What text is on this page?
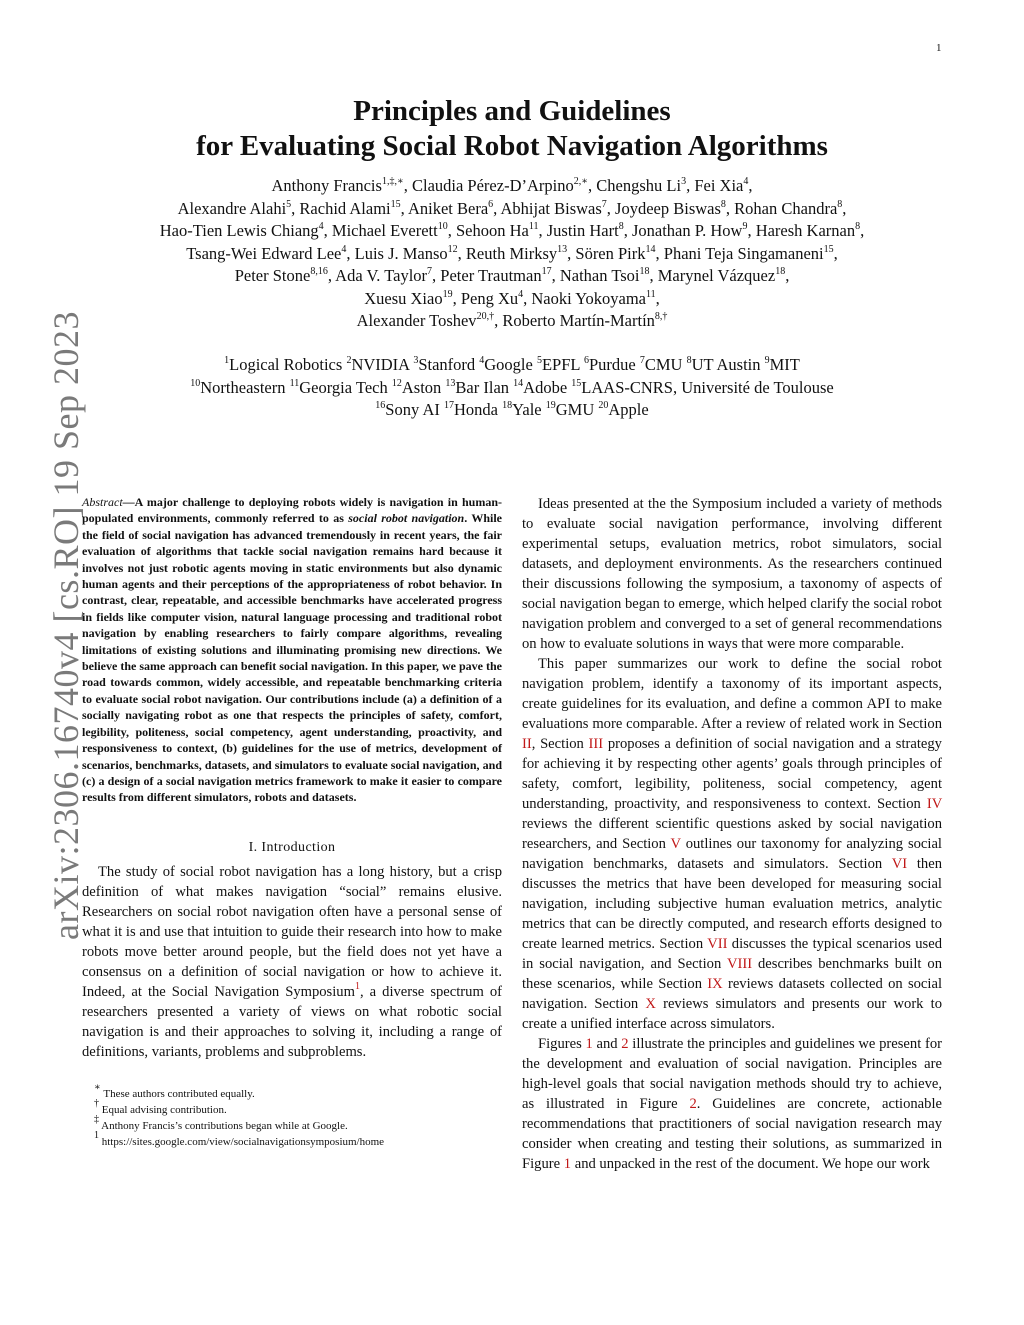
1
arXiv:2306.16740v4 [cs.RO] 19 Sep 2023
Principles and Guidelines
for Evaluating Social Robot Navigation Algorithms
Anthony Francis$^{1,\ddagger,∗}$, Claudia Pérez-D’Arpino$^{2,∗}$, Chengshu Li$^3$, Fei Xia$^4$,
Alexandre Alahi$^5$, Rachid Alami$^{15}$, Aniket Bera$^6$, Abhijat Biswas$^7$, Joydeep Biswas$^8$, Rohan Chandra$^8$,
Hao-Tien Lewis Chiang$^4$, Michael Everett$^{10}$, Sehoon Ha$^{11}$, Justin Hart$^8$, Jonathan P. How$^9$, Haresh Karnan$^8$,
Tsang-Wei Edward Lee$^4$, Luis J. Manso$^{12}$, Reuth Mirksy$^{13}$, Sören Pirk$^{14}$, Phani Teja Singamaneni$^{15}$,
Peter Stone$^{8,16}$, Ada V. Taylor$^7$, Peter Trautman$^{17}$, Nathan Tsoi$^{18}$, Marynel Vázquez$^{18}$,
Xuesu Xiao$^{19}$, Peng Xu$^4$, Naoki Yokoyama$^{11}$,
Alexander Toshev$^{20,\dagger}$, Roberto Martín-Martín$^{8,\dagger}$
$^1$Logical Robotics $^2$NVIDIA $^3$Stanford $^4$Google $^5$EPFL $^6$Purdue $^7$CMU $^8$UT Austin $^9$MIT
$^{10}$Northeastern $^{11}$Georgia Tech $^{12}$Aston $^{13}$Bar Ilan $^{14}$Adobe $^{15}$LAAS-CNRS, Université de Toulouse
$^{16}$Sony AI $^{17}$Honda $^{18}$Yale $^{19}$GMU $^{20}$Apple

Abstract—A major challenge to deploying robots widely is navigation in human-populated environments, commonly referred to as social robot navigation. While the field of social navigation has advanced tremendously in recent years, the fair evaluation of algorithms that tackle social navigation remains hard because it involves not just robotic agents moving in static environments but also dynamic human agents and their perceptions of the appropriateness of robot behavior. In contrast, clear, repeatable, and accessible benchmarks have accelerated progress in fields like computer vision, natural language processing and traditional robot navigation by enabling researchers to fairly compare algorithms, revealing limitations of existing solutions and illuminating promising new directions. We believe the same approach can benefit social navigation. In this paper, we pave the road towards common, widely accessible, and repeatable benchmarking criteria to evaluate social robot navigation. Our contributions include (a) a definition of a socially navigating robot as one that respects the principles of safety, comfort, legibility, politeness, social competency, agent understanding, proactivity, and responsiveness to context, (b) guidelines for the use of metrics, development of scenarios, benchmarks, datasets, and simulators to evaluate social navigation, and (c) a design of a social navigation metrics framework to make it easier to compare results from different simulators, robots and datasets.

I. Introduction

The study of social robot navigation has a long history, but a crisp definition of what makes navigation “social” remains elusive. Researchers on social robot navigation often have a personal sense of what it is and use that intuition to guide their research into how to make robots move better around people, but the field does not yet have a consensus on a definition of social navigation or how to achieve it. Indeed, at the Social Navigation Symposium$^1$, a diverse spectrum of researchers presented a variety of views on what robotic social navigation is and their approaches to solving it, including a range of definitions, variants, problems and subproblems.

∗ These authors contributed equally.
† Equal advising contribution.
‡ Anthony Francis’s contributions began while at Google.
$^1$ https://sites.google.com/view/socialnavigationsymposium/home

Ideas presented at the the Symposium included a variety of methods to evaluate social navigation performance, involving different experimental setups, evaluation metrics, robot simulators, social datasets, and deployment environments. As the researchers continued their discussions following the symposium, a taxonomy of aspects of social navigation began to emerge, which helped clarify the social robot navigation problem and converged to a set of general recommendations on how to evaluate solutions in ways that were more comparable.

This paper summarizes our work to define the social robot navigation problem, identify a taxonomy of its important aspects, create guidelines for its evaluation, and define a common API to make evaluations more comparable. After a review of related work in Section II, Section III proposes a definition of social navigation and a strategy for achieving it by respecting other agents’ goals through principles of safety, comfort, legibility, politeness, social competency, agent understanding, proactivity, and responsiveness to context. Section IV reviews the different scientific questions asked by social navigation researchers, and Section V outlines our taxonomy for analyzing social navigation benchmarks, datasets and simulators. Section VI then discusses the metrics that have been developed for measuring social navigation, including subjective human evaluation metrics, analytic metrics that can be directly computed, and research efforts designed to create learned metrics. Section VII discusses the typical scenarios used in social navigation, and Section VIII describes benchmarks built on these scenarios, while Section IX reviews datasets collected on social navigation. Section X reviews simulators and presents our work to create a unified interface across simulators.

Figures 1 and 2 illustrate the principles and guidelines we present for the development and evaluation of social navigation. Principles are high-level goals that social navigation methods should try to achieve, as illustrated in Figure 2. Guidelines are concrete, actionable recommendations that practitioners of social navigation research may consider when creating and testing their solutions, as summarized in Figure 1 and unpacked in the rest of the document. We hope our work
